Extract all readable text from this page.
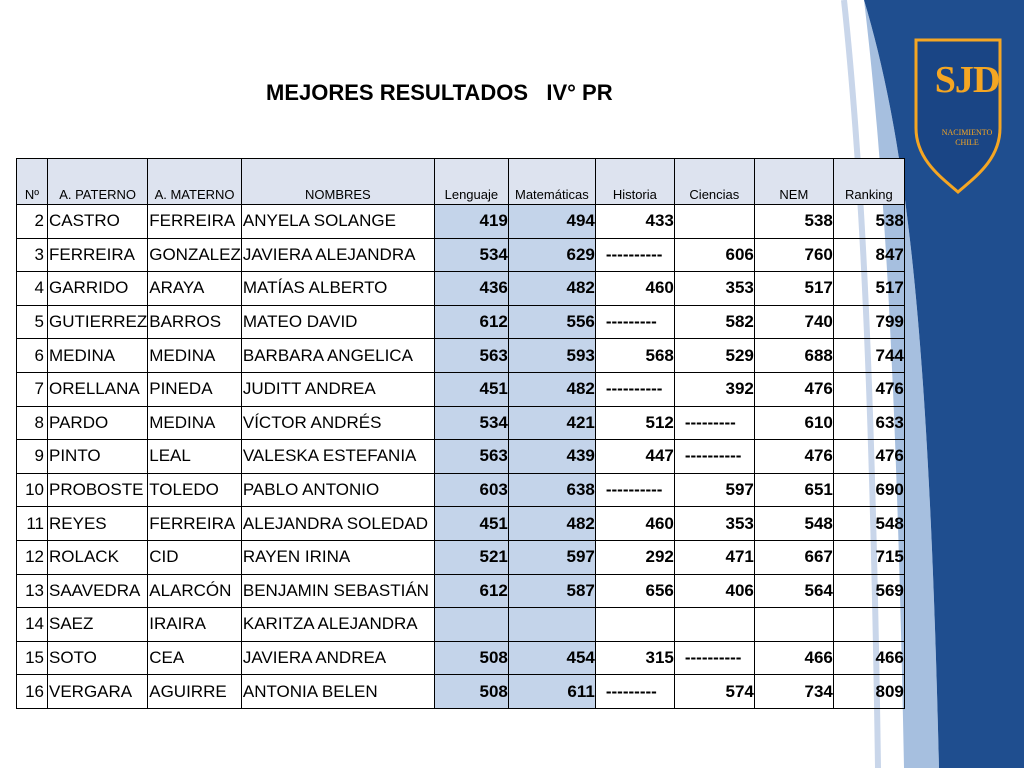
SJD
NACIMIENTO
CHILE
MEJORES RESULTADOS   IV° PR
Nº	A. PATERNO	A. MATERNO	NOMBRES	Lenguaje	Matemáticas	Historia	Ciencias	NEM	Ranking
2	CASTRO	FERREIRA	ANYELA SOLANGE	419	494	433		538	538
3	FERREIRA	GONZALEZ	JAVIERA ALEJANDRA	534	629	----------	606	760	847
4	GARRIDO	ARAYA	MATÍAS ALBERTO	436	482	460	353	517	517
5	GUTIERREZ	BARROS	MATEO DAVID	612	556	---------	582	740	799
6	MEDINA	MEDINA	BARBARA ANGELICA	563	593	568	529	688	744
7	ORELLANA	PINEDA	JUDITT ANDREA	451	482	----------	392	476	476
8	PARDO	MEDINA	VÍCTOR ANDRÉS	534	421	512	---------	610	633
9	PINTO	LEAL	VALESKA ESTEFANIA	563	439	447	----------	476	476
10	PROBOSTE	TOLEDO	PABLO ANTONIO	603	638	----------	597	651	690
11	REYES	FERREIRA	ALEJANDRA SOLEDAD	451	482	460	353	548	548
12	ROLACK	CID	RAYEN IRINA	521	597	292	471	667	715
13	SAAVEDRA	ALARCÓN	BENJAMIN SEBASTIÁN	612	587	656	406	564	569
14	SAEZ	IRAIRA	KARITZA ALEJANDRA						
15	SOTO	CEA	JAVIERA ANDREA	508	454	315	----------	466	466
16	VERGARA	AGUIRRE	ANTONIA BELEN	508	611	---------	574	734	809
